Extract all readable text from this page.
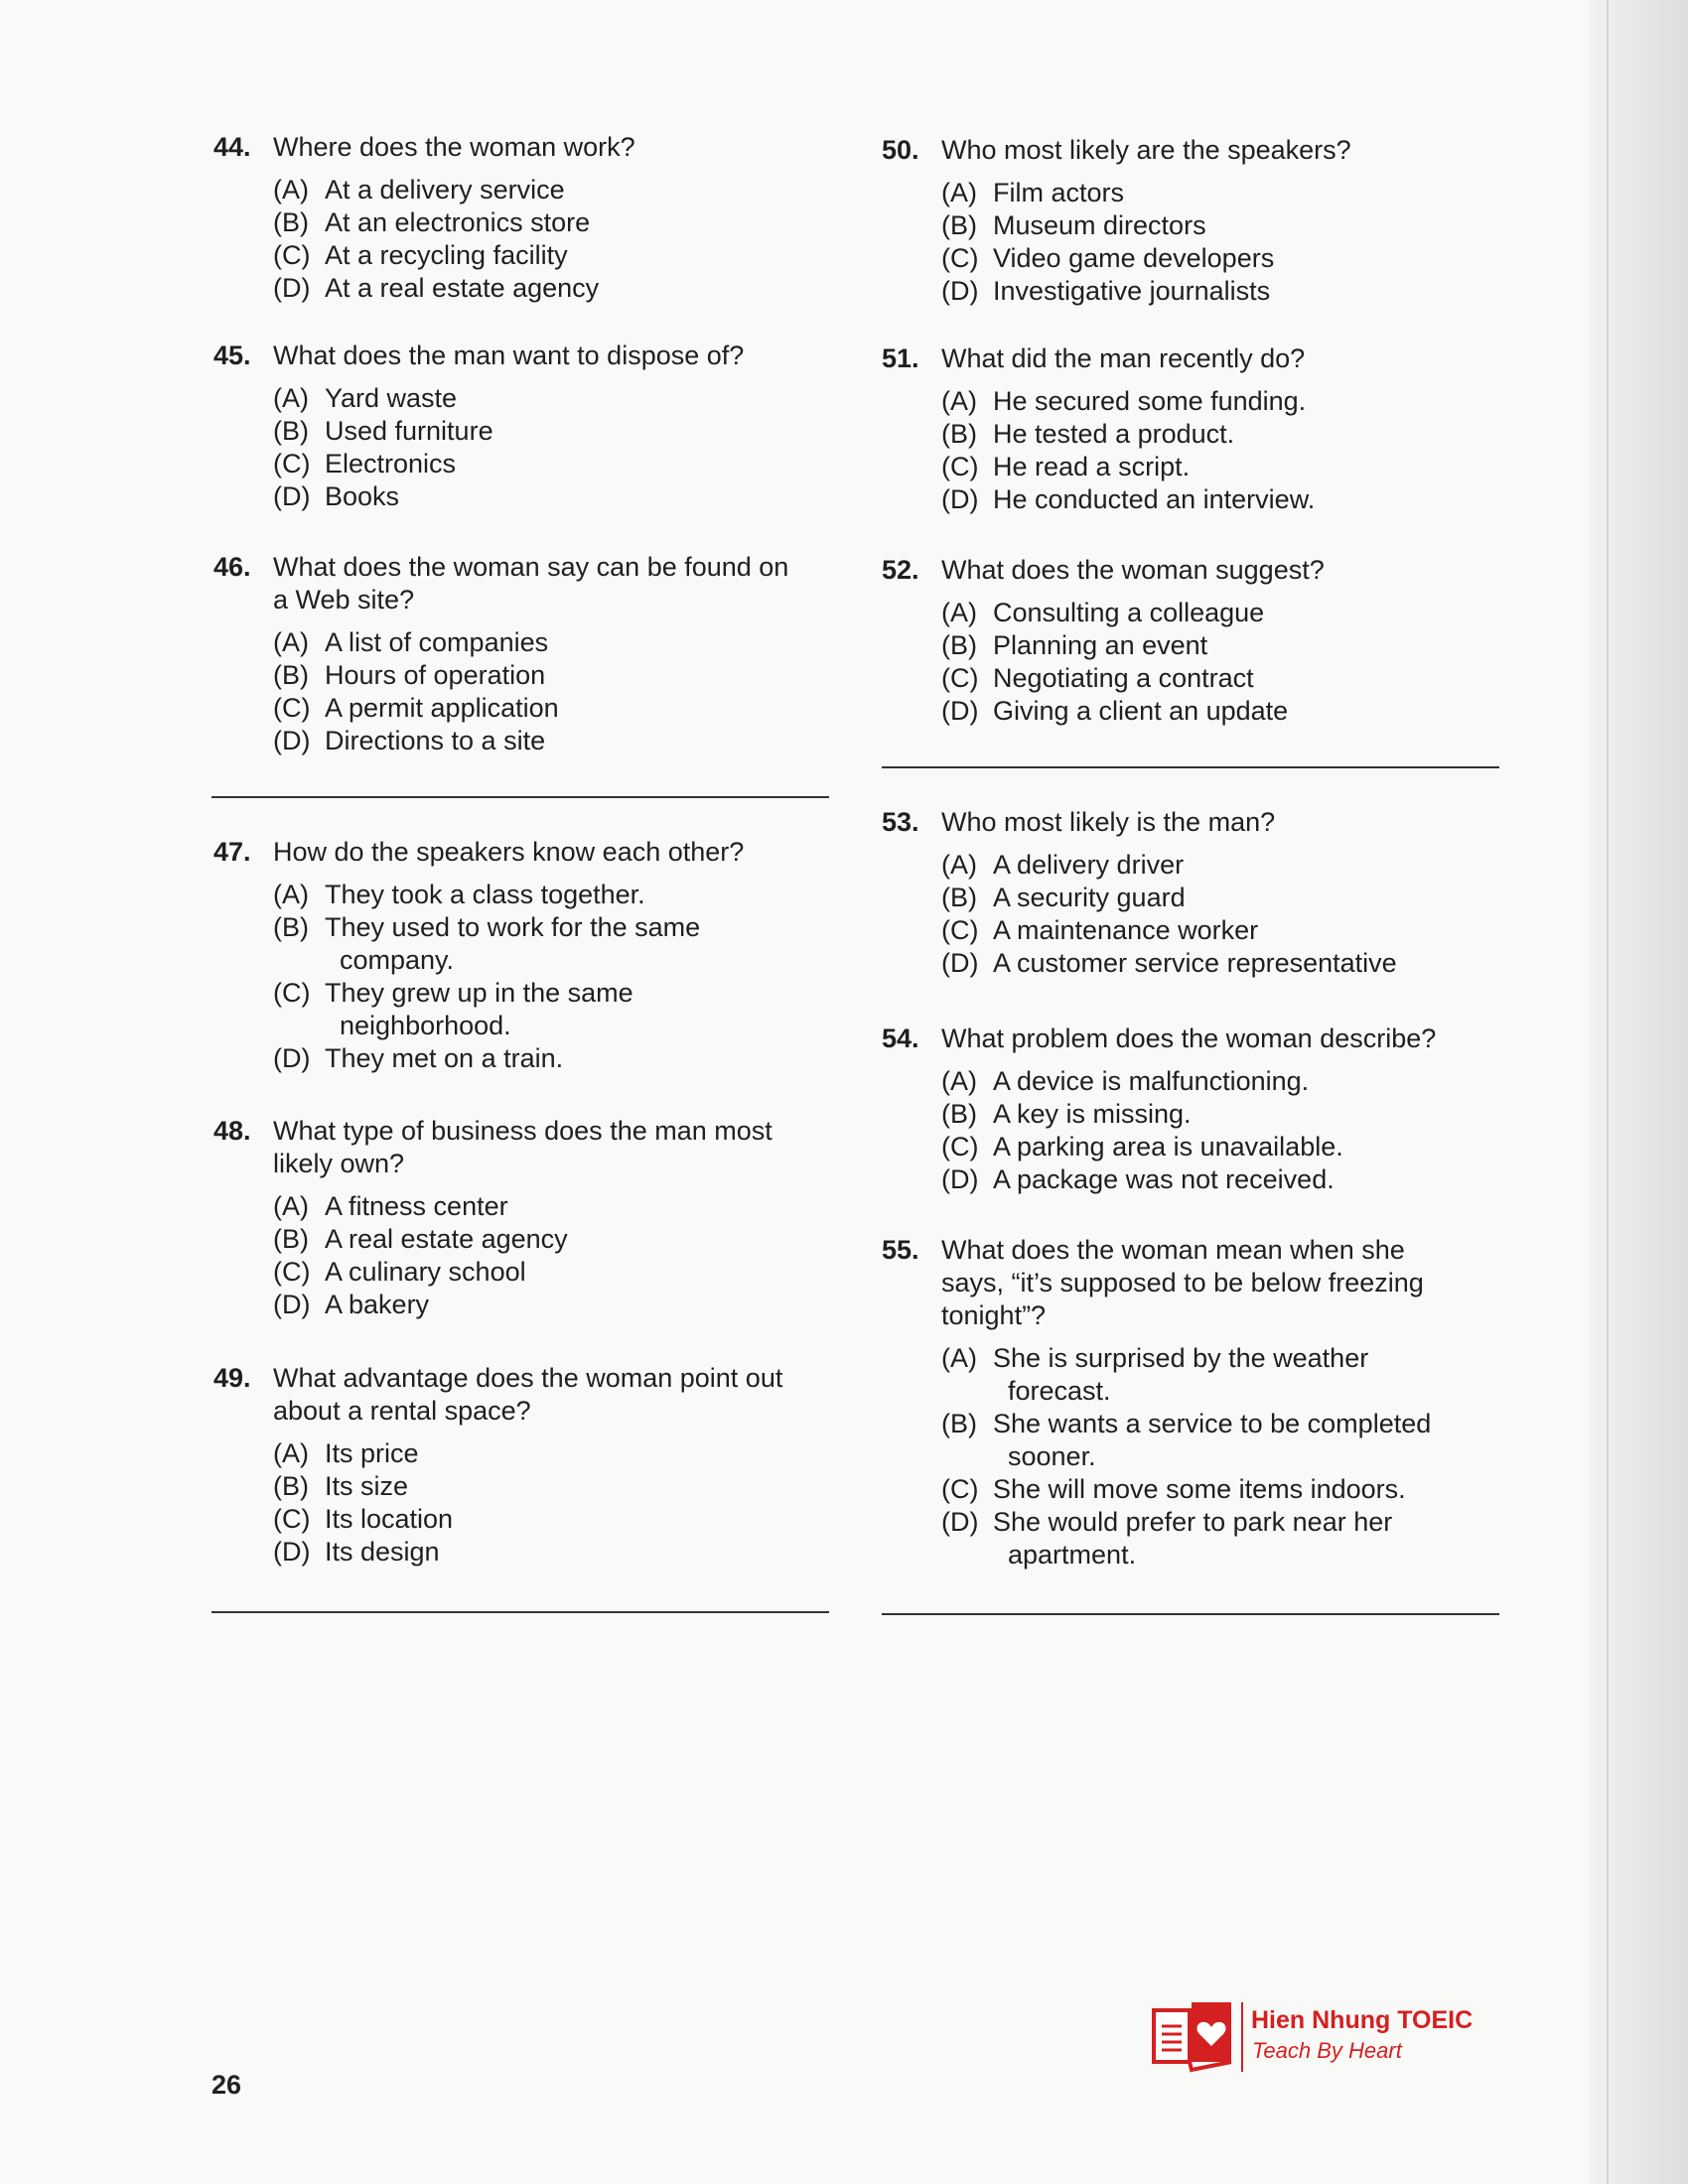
44. Where does the woman work?
(A) At a delivery service
(B) At an electronics store
(C) At a recycling facility
(D) At a real estate agency
45. What does the man want to dispose of?
(A) Yard waste
(B) Used furniture
(C) Electronics
(D) Books
46. What does the woman say can be found on
a Web site?
(A) A list of companies
(B) Hours of operation
(C) A permit application
(D) Directions to a site
47. How do the speakers know each other?
(A) They took a class together.
(B) They used to work for the same
company.
(C) They grew up in the same
neighborhood.
(D) They met on a train.
48. What type of business does the man most
likely own?
(A) A fitness center
(B) A real estate agency
(C) A culinary school
(D) A bakery
49. What advantage does the woman point out
about a rental space?
(A) Its price
(B) Its size
(C) Its location
(D) Its design
50. Who most likely are the speakers?
(A) Film actors
(B) Museum directors
(C) Video game developers
(D) Investigative journalists
51. What did the man recently do?
(A) He secured some funding.
(B) He tested a product.
(C) He read a script.
(D) He conducted an interview.
52. What does the woman suggest?
(A) Consulting a colleague
(B) Planning an event
(C) Negotiating a contract
(D) Giving a client an update
53. Who most likely is the man?
(A) A delivery driver
(B) A security guard
(C) A maintenance worker
(D) A customer service representative
54. What problem does the woman describe?
(A) A device is malfunctioning.
(B) A key is missing.
(C) A parking area is unavailable.
(D) A package was not received.
55. What does the woman mean when she
says, “it’s supposed to be below freezing
tonight”?
(A) She is surprised by the weather
forecast.
(B) She wants a service to be completed
sooner.
(C) She will move some items indoors.
(D) She would prefer to park near her
apartment.
26
Hien Nhung TOEIC
Teach By Heart
